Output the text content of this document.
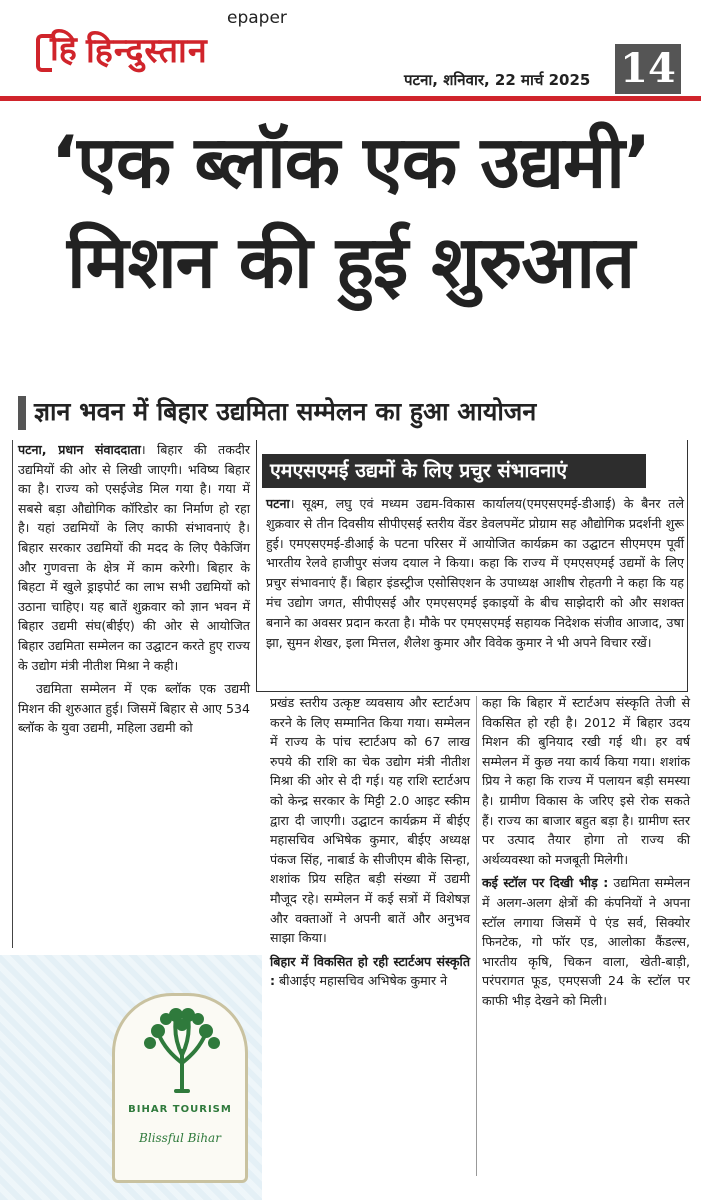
हि हिन्दुस्तान
epaper
पटना, शनिवार, 22 मार्च 2025 14
‘एक ब्लॉक एक उद्यमी’
मिशन की हुई शुरुआत
ज्ञान भवन में बिहार उद्यमिता सम्मेलन का हुआ आयोजन

पटना, प्रधान संवाददाता। बिहार की तकदीर उद्यमियों की ओर से लिखी जाएगी। भविष्य बिहार का है। राज्य को एसईजेड मिल गया है। गया में सबसे बड़ा औद्योगिक कॉरिडोर का निर्माण हो रहा है। यहां उद्यमियों के लिए काफी संभावनाएं है। बिहार सरकार उद्यमियों की मदद के लिए पैकेजिंग और गुणवत्ता के क्षेत्र में काम करेगी। बिहार के बिहटा में खुले ड्राइपोर्ट का लाभ सभी उद्यमियों को उठाना चाहिए। यह बातें शुक्रवार को ज्ञान भवन में बिहार उद्यमी संघ(बीईए) की ओर से आयोजित बिहार उद्यमिता सम्मेलन का उद्घाटन करते हुए राज्य के उद्योग मंत्री नीतीश मिश्रा ने कही।

उद्यमिता सम्मेलन में एक ब्लॉक एक उद्यमी मिशन की शुरुआत हुई। जिसमें बिहार से आए 534 ब्लॉक के युवा उद्यमी, महिला उद्यमी को

एमएसएमई उद्यमों के लिए प्रचुर संभावनाएं
पटना। सूक्ष्म, लघु एवं मध्यम उद्यम-विकास कार्यालय(एमएसएमई-डीआई) के बैनर तले शुक्रवार से तीन दिवसीय सीपीएसई स्तरीय वेंडर डेवलपमेंट प्रोग्राम सह औद्योगिक प्रदर्शनी शुरू हुई। एमएसएमई-डीआई के पटना परिसर में आयोजित कार्यक्रम का उद्घाटन सीएमएम पूर्वी भारतीय रेलवे हाजीपुर संजय दयाल ने किया। कहा कि राज्य में एमएसएमई उद्यमों के लिए प्रचुर संभावनाएं हैं। बिहार इंडस्ट्रीज एसोसिएशन के उपाध्यक्ष आशीष रोहतगी ने कहा कि यह मंच उद्योग जगत, सीपीएसई और एमएसएमई इकाइयों के बीच साझेदारी को और सशक्त बनाने का अवसर प्रदान करता है। मौके पर एमएसएमई सहायक निदेशक संजीव आजाद, उषा झा, सुमन शेखर, इला मित्तल, शैलेश कुमार और विवेक कुमार ने भी अपने विचार रखें।

प्रखंड स्तरीय उत्कृष्ट व्यवसाय और स्टार्टअप करने के लिए सम्मानित किया गया। सम्मेलन में राज्य के पांच स्टार्टअप को 67 लाख रुपये की राशि का चेक उद्योग मंत्री नीतीश मिश्रा की ओर से दी गई। यह राशि स्टार्टअप को केन्द्र सरकार के मिट्टी 2.0 आइट स्कीम द्वारा दी जाएगी। उद्घाटन कार्यक्रम में बीईए महासचिव अभिषेक कुमार, बीईए अध्यक्ष पंकज सिंह, नाबार्ड के सीजीएम बीके सिन्हा, शशांक प्रिय सहित बड़ी संख्या में उद्यमी मौजूद रहे। सम्मेलन में कई सत्रों में विशेषज्ञ और वक्ताओं ने अपनी बातें और अनुभव साझा किया।

बिहार में विकसित हो रही स्टार्टअप संस्कृति : बीआईए महासचिव अभिषेक कुमार ने

कहा कि बिहार में स्टार्टअप संस्कृति तेजी से विकसित हो रही है। 2012 में बिहार उदय मिशन की बुनियाद रखी गई थी। हर वर्ष सम्मेलन में कुछ नया कार्य किया गया। शशांक प्रिय ने कहा कि राज्य में पलायन बड़ी समस्या है। ग्रामीण विकास के जरिए इसे रोक सकते हैं। राज्य का बाजार बहुत बड़ा है। ग्रामीण स्तर पर उत्पाद तैयार होगा तो राज्य की अर्थव्यवस्था को मजबूती मिलेगी।

कई स्टॉल पर दिखी भीड़ : उद्यमिता सम्मेलन में अलग-अलग क्षेत्रों की कंपनियों ने अपना स्टॉल लगाया जिसमें पे एंड सर्व, सिक्योर फिनटेक, गो फॉर एड, आलोका कैंडल्स, भारतीय कृषि, चिकन वाला, खेती-बाड़ी, परंपरागत फूड, एमएसजी 24 के स्टॉल पर काफी भीड़ देखने को मिली।

BIHAR TOURISM
Blissful Bihar
